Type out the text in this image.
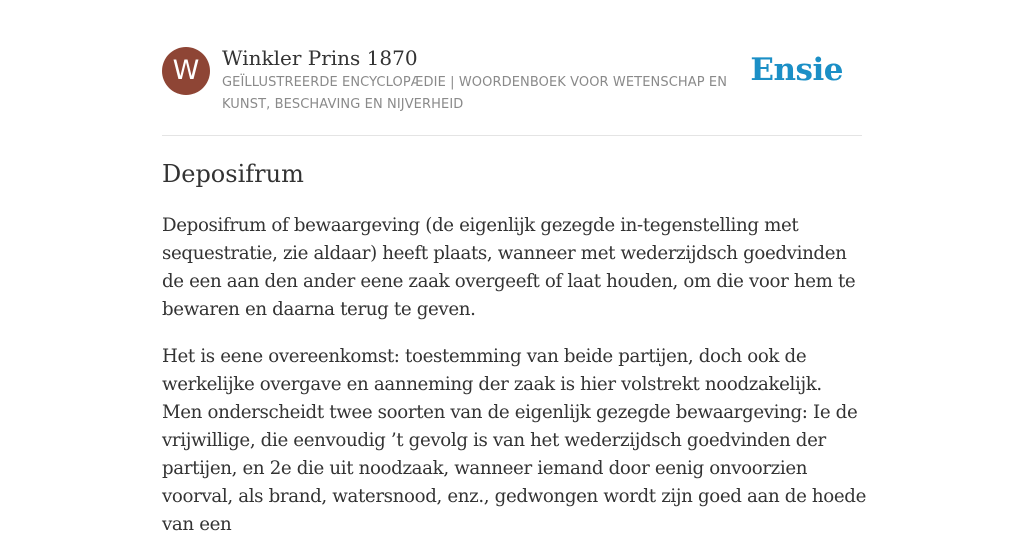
W	Winkler Prins 1870

GEÏLLUSTREERDE ENCYCLOPÆDIE | WOORDENBOEK VOOR WETENSCHAP EN KUNST, BESCHAVING EN NIJVERHEID

Ensie
Deposifrum

Deposifrum of bewaargeving (de eigenlijk gezegde in-tegenstelling met sequestratie, zie aldaar) heeft plaats, wanneer met wederzijdsch goedvinden de een aan den ander eene zaak overgeeft of laat houden, om die voor hem te bewaren en daarna terug te geven.

Het is eene overeenkomst: toestemming van beide partijen, doch ook de werkelijke overgave en aanneming der zaak is hier volstrekt noodzakelijk. Men onderscheidt twee soorten van de eigenlijk gezegde bewaargeving: Ie de vrijwillige, die eenvoudig ’t gevolg is van het wederzijdsch goedvinden der partijen, en 2e die uit noodzaak, wanneer iemand door eenig onvoorzien voorval, als brand, watersnood, enz., gedwongen wordt zijn goed aan de hoede van een
